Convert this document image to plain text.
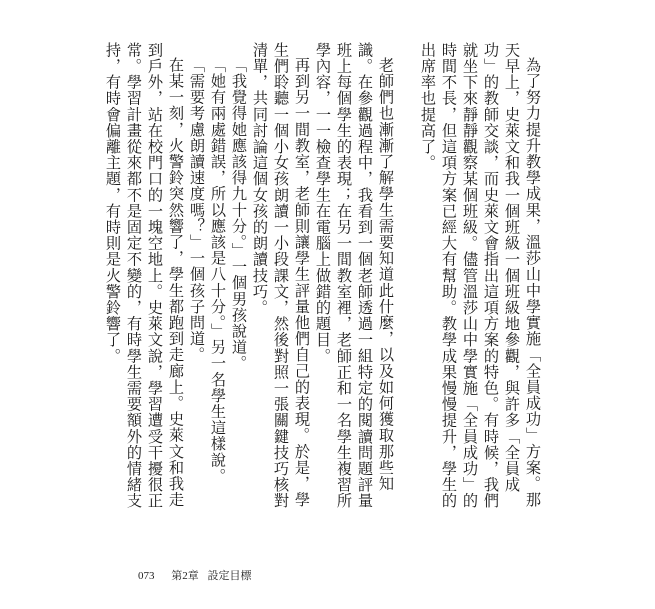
為了努力提升教學成果，溫莎山中學實施「全員成功」方案。那天早上，史萊文和我一個班級一個班級地參觀，與許多「全員成功」的教師交談，而史萊文會指出這項方案的特色。有時候，我們就坐下來靜靜觀察某個班級。儘管溫莎山中學實施「全員成功」的時間不長，但這項方案已經大有幫助。教學成果慢慢提升，學生的出席率也提高了。

老師們也漸漸了解學生需要知道此什麼，以及如何獲取那些知識。在參觀過程中，我看到一個老師透過一組特定的閱讀問題評量班上每個學生的表現；在另一間教室裡，老師正和一名學生複習所學內容，一一檢查學生在電腦上做錯的題目。

再到另一間教室，老師則讓學生評量他們自己的表現。於是，學生們聆聽一個小女孩朗讀一小段課文，然後對照一張關鍵技巧核對清單，共同討論這個女孩的朗讀技巧。

「我覺得她應該得九十分。」一個男孩說道。

「她有兩處錯誤，所以應該是八十分。」另一名學生這樣說。

「需要考慮朗讀速度嗎？」一個孩子問道。

在某一刻，火警鈴突然響了，學生都跑到走廊上。史萊文和我走到戶外，站在校門口的一塊空地上。史萊文說，學習遭受干擾很正常。學習計畫從來都不是固定不變的，有時學生需要額外的情緒支持，有時會偏離主題，有時則是火警鈴響了。

073 第2章 設定目標
